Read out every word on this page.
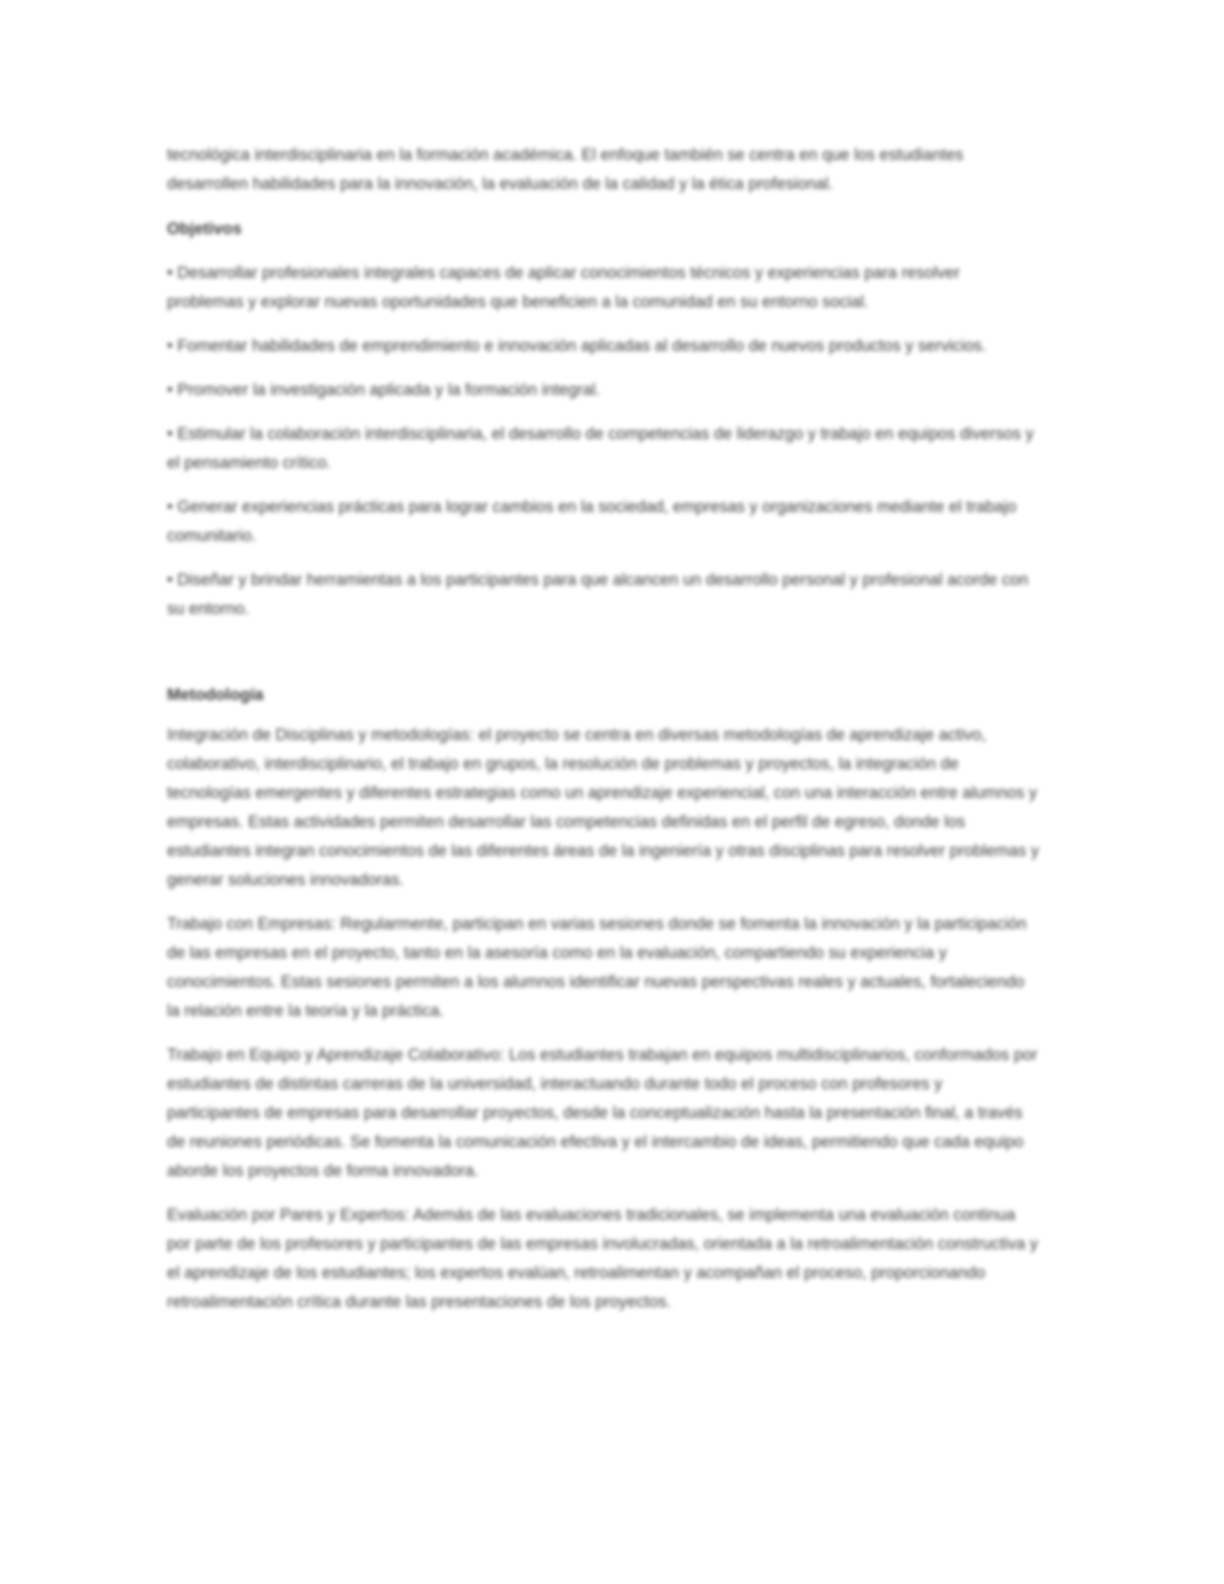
tecnológica interdisciplinaria en la formación académica. El enfoque también se centra en que los estudiantes desarrollen habilidades para la innovación, la evaluación de la calidad y la ética profesional.

Objetivos

• Desarrollar profesionales integrales capaces de aplicar conocimientos técnicos y experiencias para resolver problemas y explorar nuevas oportunidades que beneficien a la comunidad en su entorno social.

• Fomentar habilidades de emprendimiento e innovación aplicadas al desarrollo de nuevos productos y servicios.

• Promover la investigación aplicada y la formación integral.

• Estimular la colaboración interdisciplinaria, el desarrollo de competencias de liderazgo y trabajo en equipos diversos y el pensamiento crítico.

• Generar experiencias prácticas para lograr cambios en la sociedad, empresas y organizaciones mediante el trabajo comunitario.

• Diseñar y brindar herramientas a los participantes para que alcancen un desarrollo personal y profesional acorde con su entorno.

Metodología

Integración de Disciplinas y metodologías: el proyecto se centra en diversas metodologías de aprendizaje activo, colaborativo, interdisciplinario, el trabajo en grupos, la resolución de problemas y proyectos, la integración de tecnologías emergentes y diferentes estrategias como un aprendizaje experiencial, con una interacción entre alumnos y empresas. Estas actividades permiten desarrollar las competencias definidas en el perfil de egreso, donde los estudiantes integran conocimientos de las diferentes áreas de la ingeniería y otras disciplinas para resolver problemas y generar soluciones innovadoras.

Trabajo con Empresas: Regularmente, participan en varias sesiones donde se fomenta la innovación y la participación de las empresas en el proyecto, tanto en la asesoría como en la evaluación, compartiendo su experiencia y conocimientos. Estas sesiones permiten a los alumnos identificar nuevas perspectivas reales y actuales, fortaleciendo la relación entre la teoría y la práctica.

Trabajo en Equipo y Aprendizaje Colaborativo: Los estudiantes trabajan en equipos multidisciplinarios, conformados por estudiantes de distintas carreras de la universidad, interactuando durante todo el proceso con profesores y participantes de empresas para desarrollar proyectos, desde la conceptualización hasta la presentación final, a través de reuniones periódicas. Se fomenta la comunicación efectiva y el intercambio de ideas, permitiendo que cada equipo aborde los proyectos de forma innovadora.

Evaluación por Pares y Expertos: Además de las evaluaciones tradicionales, se implementa una evaluación continua por parte de los profesores y participantes de las empresas involucradas, orientada a la retroalimentación constructiva y el aprendizaje de los estudiantes; los expertos evalúan, retroalimentan y acompañan el proceso, proporcionando retroalimentación crítica durante las presentaciones de los proyectos.
